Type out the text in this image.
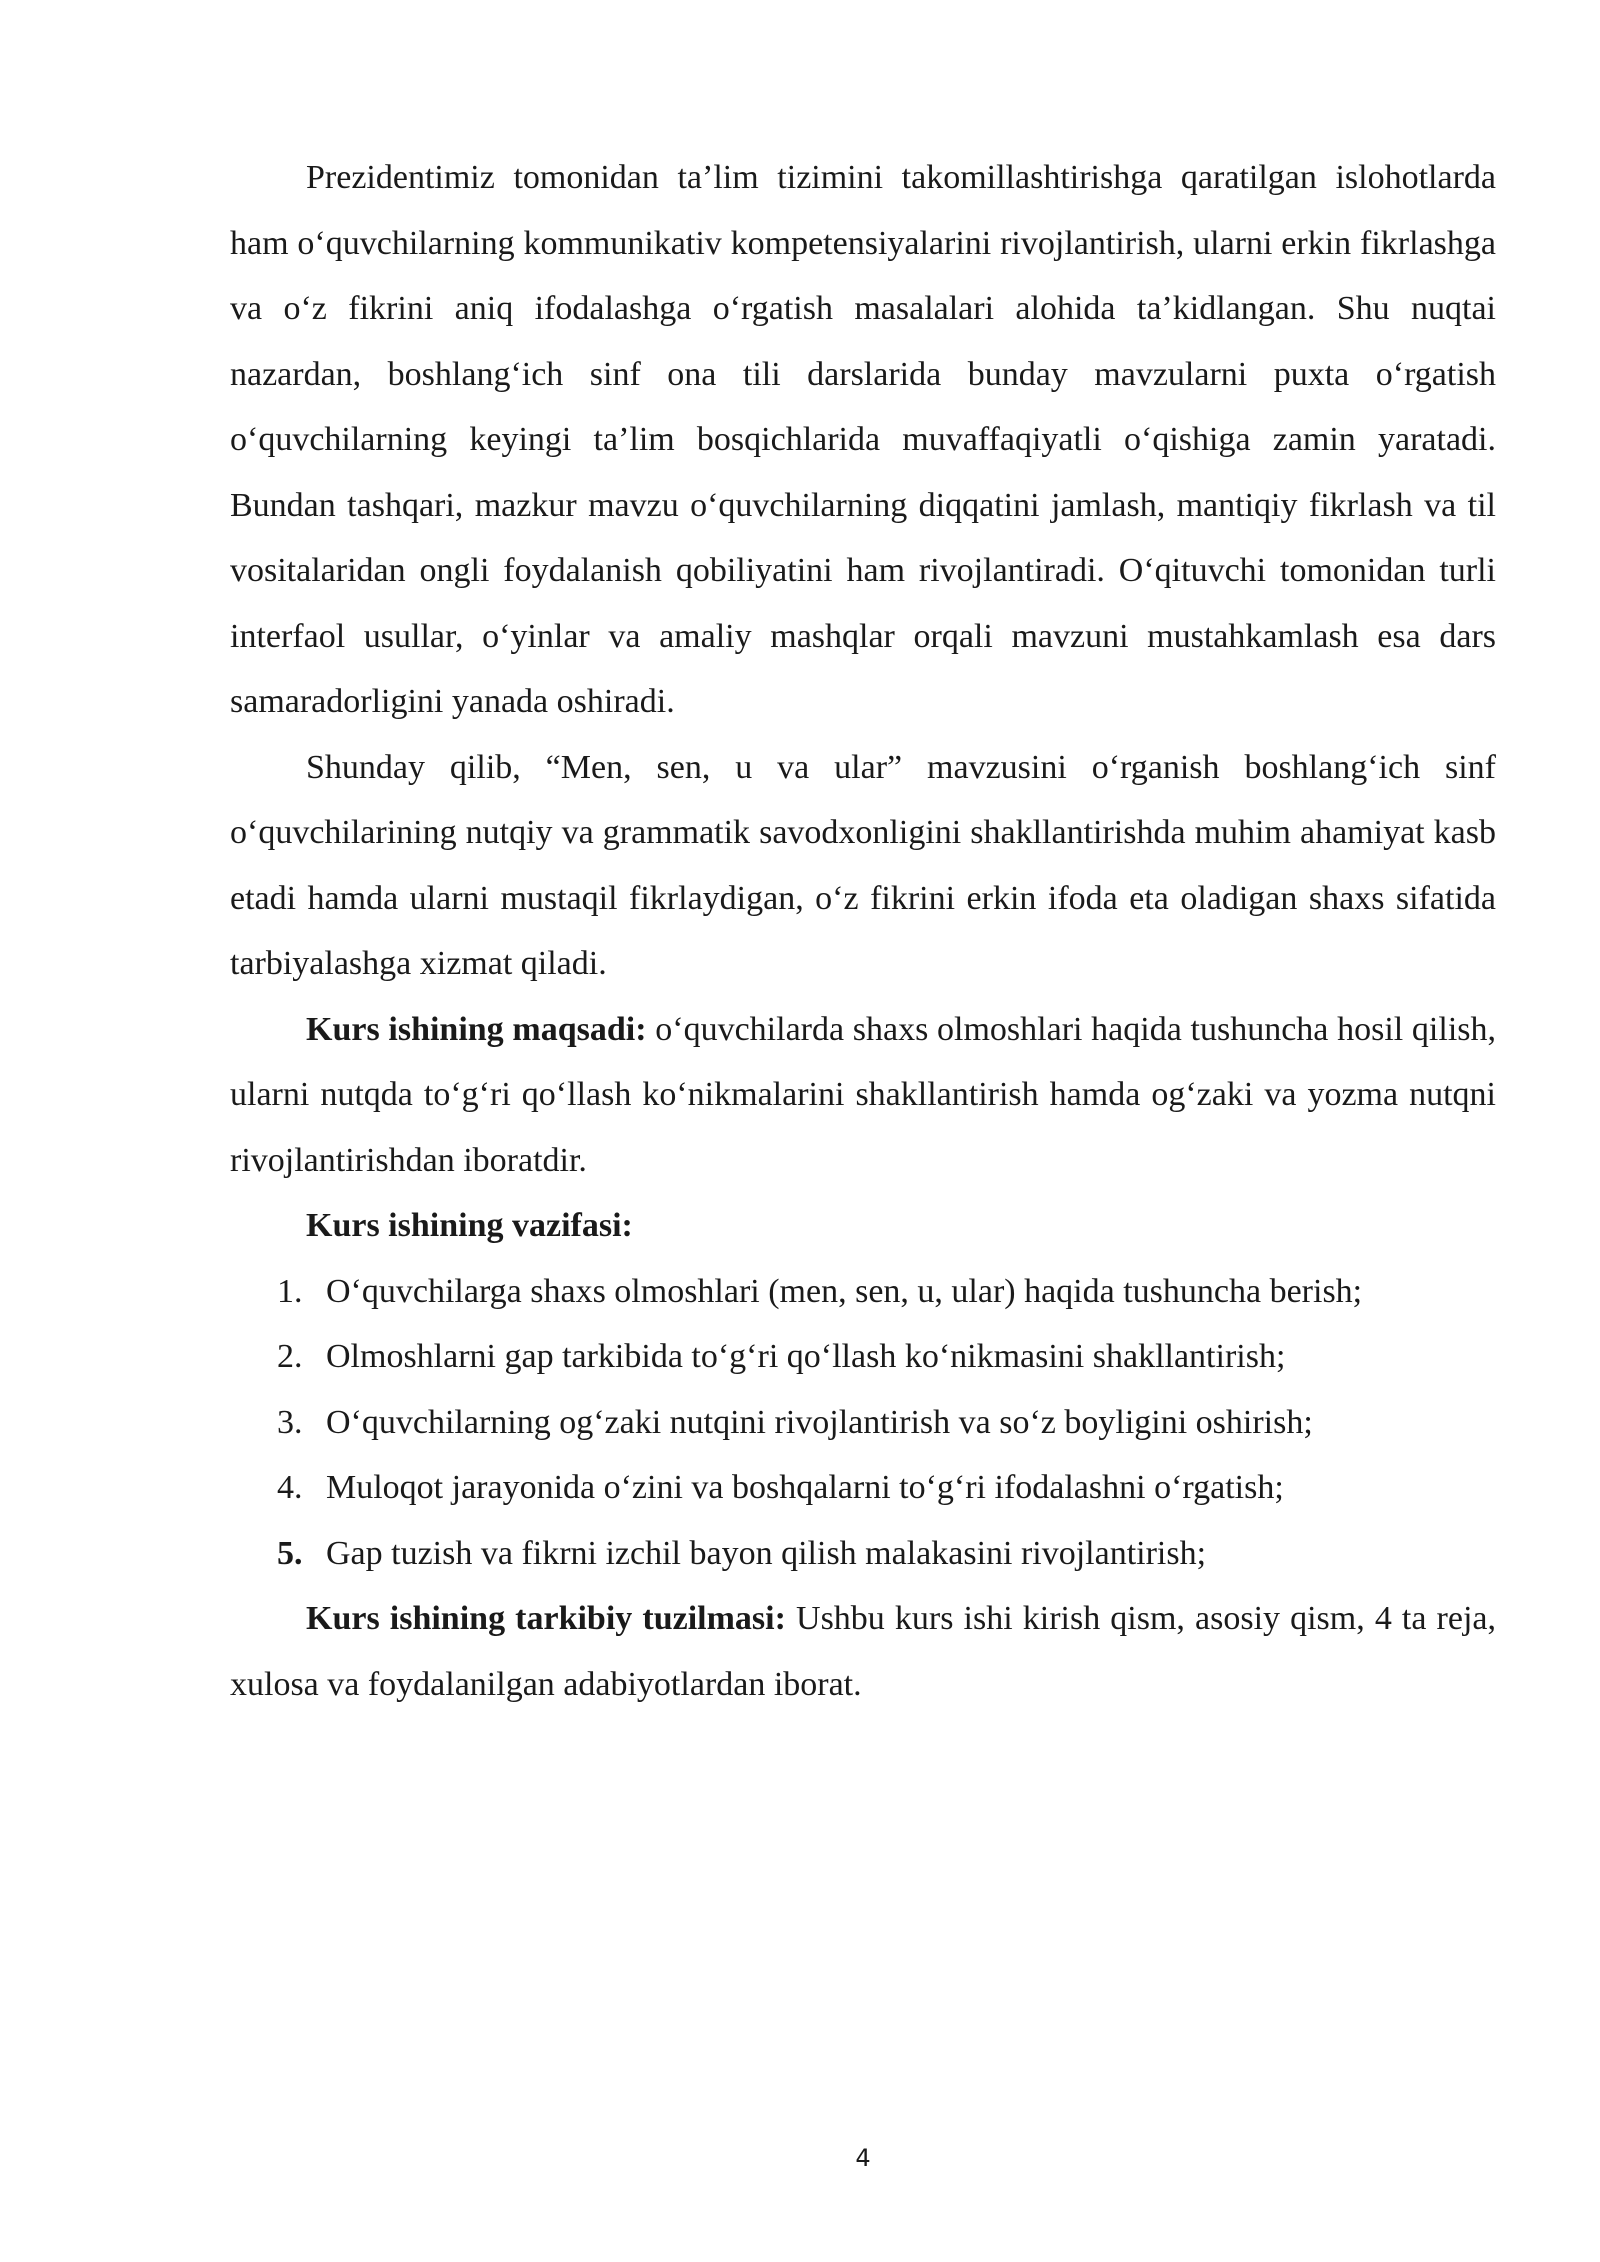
Prezidentimiz tomonidan ta’lim tizimini takomillashtirishga qaratilgan islohotlarda ham o‘quvchilarning kommunikativ kompetensiyalarini rivojlantirish, ularni erkin fikrlashga va o‘z fikrini aniq ifodalashga o‘rgatish masalalari alohida ta’kidlangan. Shu nuqtai nazardan, boshlang‘ich sinf ona tili darslarida bunday mavzularni puxta o‘rgatish o‘quvchilarning keyingi ta’lim bosqichlarida muvaffaqiyatli o‘qishiga zamin yaratadi. Bundan tashqari, mazkur mavzu o‘quvchilarning diqqatini jamlash, mantiqiy fikrlash va til vositalaridan ongli foydalanish qobiliyatini ham rivojlantiradi. O‘qituvchi tomonidan turli interfaol usullar, o‘yinlar va amaliy mashqlar orqali mavzuni mustahkamlash esa dars samaradorligini yanada oshiradi.

Shunday qilib, “Men, sen, u va ular” mavzusini o‘rganish boshlang‘ich sinf o‘quvchilarining nutqiy va grammatik savodxonligini shakllantirishda muhim ahamiyat kasb etadi hamda ularni mustaqil fikrlaydigan, o‘z fikrini erkin ifoda eta oladigan shaxs sifatida tarbiyalashga xizmat qiladi.

Kurs ishining maqsadi: o‘quvchilarda shaxs olmoshlari haqida tushuncha hosil qilish, ularni nutqda to‘g‘ri qo‘llash ko‘nikmalarini shakllantirish hamda og‘zaki va yozma nutqni rivojlantirishdan iboratdir.

Kurs ishining vazifasi:

1. O‘quvchilarga shaxs olmoshlari (men, sen, u, ular) haqida tushuncha berish;
2. Olmoshlarni gap tarkibida to‘g‘ri qo‘llash ko‘nikmasini shakllantirish;
3. O‘quvchilarning og‘zaki nutqini rivojlantirish va so‘z boyligini oshirish;
4. Muloqot jarayonida o‘zini va boshqalarni to‘g‘ri ifodalashni o‘rgatish;
5. Gap tuzish va fikrni izchil bayon qilish malakasini rivojlantirish;

Kurs ishining tarkibiy tuzilmasi: Ushbu kurs ishi kirish qism, asosiy qism, 4 ta reja, xulosa va foydalanilgan adabiyotlardan iborat.

4
